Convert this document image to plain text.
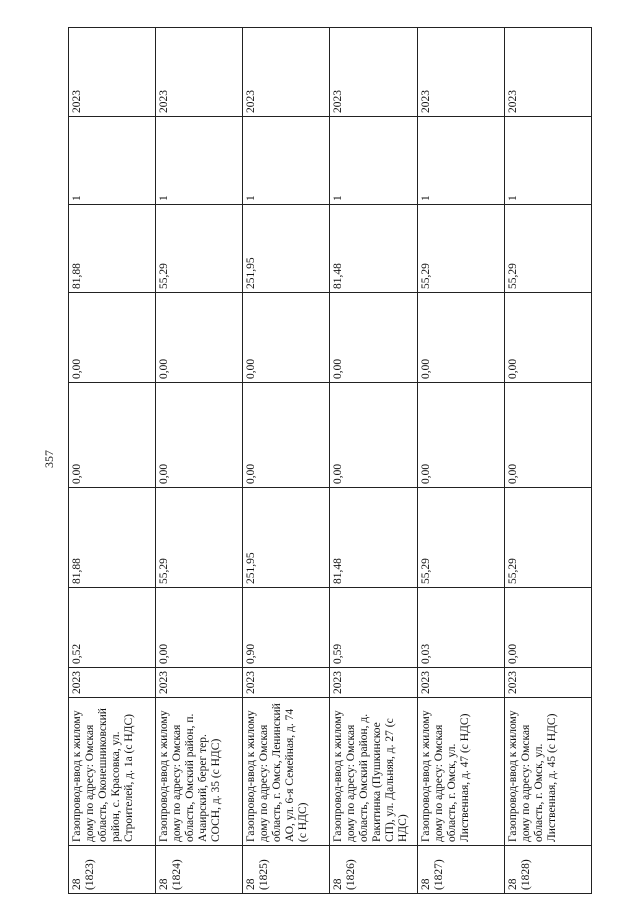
357
28 (1823)	Газопровод-ввод к жилому дому по адресу: Омская область, Оконешниковский район, с. Красовка, ул. Строителей, д. 1а (с НДС)	2023	0,52	81,88	0,00	0,00	81,88	1	2023

28 (1824)	Газопровод-ввод к жилому дому по адресу: Омская область, Омский район, п. Ачаирский, берег тер. СОСН, д. 35 (с НДС)	2023	0,00	55,29	0,00	0,00	55,29	1	2023

28 (1825)	Газопровод-ввод к жилому дому по адресу: Омская область, г. Омск, Ленинский АО, ул. 6-я Семейная, д. 74 (с НДС)	2023	0,90	251,95	0,00	0,00	251,95	1	2023

28 (1826)	Газопровод-ввод к жилому дому по адресу: Омская область, Омский район, д. Ракитинка (Пушкинское СП), ул. Дальняя, д. 27 (с НДС)	2023	0,59	81,48	0,00	0,00	81,48	1	2023

28 (1827)	Газопровод-ввод к жилому дому по адресу: Омская область, г. Омск, ул. Лиственная, д. 47 (с НДС)	2023	0,03	55,29	0,00	0,00	55,29	1	2023

28 (1828)	Газопровод-ввод к жилому дому по адресу: Омская область, г. Омск, ул. Лиственная, д. 45 (с НДС)	2023	0,00	55,29	0,00	0,00	55,29	1	2023
